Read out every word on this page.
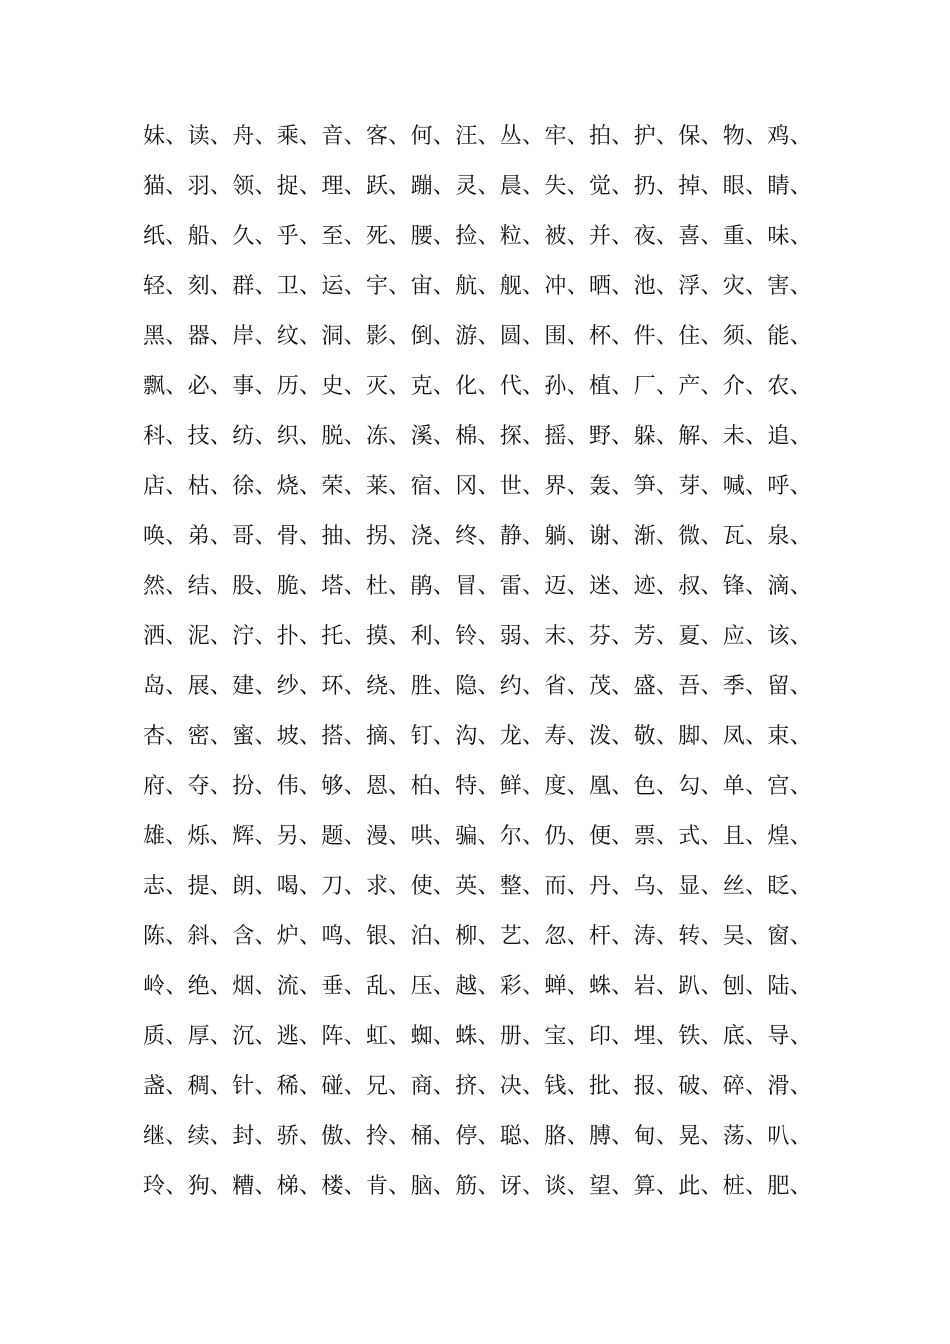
妹、读、舟、乘、音、客、何、汪、丛、牢、拍、护、保、物、鸡、
猫、羽、领、捉、理、跃、蹦、灵、晨、失、觉、扔、掉、眼、睛、
纸、船、久、乎、至、死、腰、捡、粒、被、并、夜、喜、重、味、
轻、刻、群、卫、运、宇、宙、航、舰、冲、晒、池、浮、灾、害、
黑、器、岸、纹、洞、影、倒、游、圆、围、杯、件、住、须、能、
飘、必、事、历、史、灭、克、化、代、孙、植、厂、产、介、农、
科、技、纺、织、脱、冻、溪、棉、探、摇、野、躲、解、未、追、
店、枯、徐、烧、荣、莱、宿、冈、世、界、轰、笋、芽、喊、呼、
唤、弟、哥、骨、抽、拐、浇、终、静、躺、谢、渐、微、瓦、泉、
然、结、股、脆、塔、杜、鹃、冒、雷、迈、迷、迹、叔、锋、滴、
洒、泥、泞、扑、托、摸、利、铃、弱、末、芬、芳、夏、应、该、
岛、展、建、纱、环、绕、胜、隐、约、省、茂、盛、吾、季、留、
杏、密、蜜、坡、搭、摘、钉、沟、龙、寿、泼、敬、脚、凤、束、
府、夺、扮、伟、够、恩、柏、特、鲜、度、凰、色、勾、单、宫、
雄、烁、辉、另、题、漫、哄、骗、尔、仍、便、票、式、且、煌、
志、提、朗、喝、刀、求、使、英、整、而、丹、乌、显、丝、眨、
陈、斜、含、炉、鸣、银、泊、柳、艺、忽、杆、涛、转、吴、窗、
岭、绝、烟、流、垂、乱、压、越、彩、蝉、蛛、岩、趴、刨、陆、
质、厚、沉、逃、阵、虹、蜘、蛛、册、宝、印、埋、铁、底、导、
盏、稠、针、稀、碰、兄、商、挤、决、钱、批、报、破、碎、滑、
继、续、封、骄、傲、拎、桶、停、聪、胳、膊、甸、晃、荡、叭、
玲、狗、糟、梯、楼、肯、脑、筋、讶、谈、望、算、此、桩、肥、
